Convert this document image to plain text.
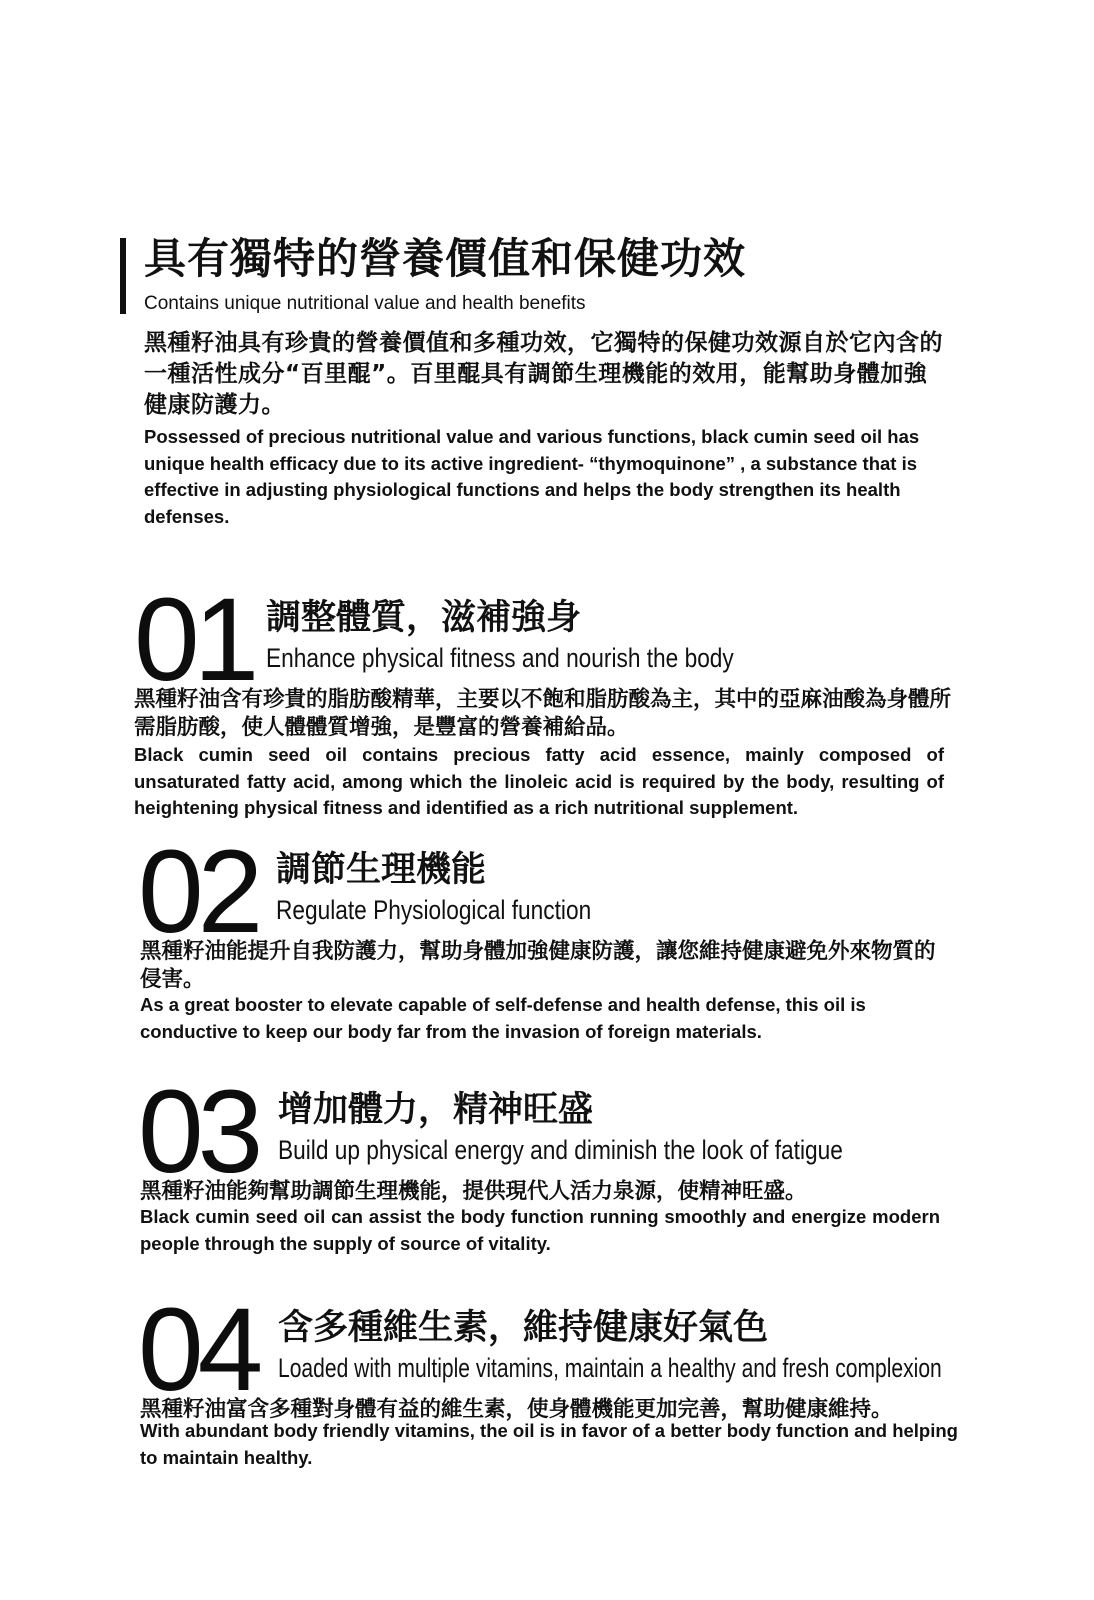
具有獨特的營養價值和保健功效

Contains unique nutritional value and health benefits

黑種籽油具有珍貴的營養價值和多種功效，它獨特的保健功效源自於它內含的一種活性成分“百里醌”。百里醌具有調節生理機能的效用，能幫助身體加強健康防護力。

Possessed of precious nutritional value and various functions, black cumin seed oil has unique health efficacy due to its active ingredient- “thymoquinone” , a substance that is effective in adjusting physiological functions and helps the body strengthen its health defenses.

01 調整體質，滋補強身
Enhance physical fitness and nourish the body

黑種籽油含有珍貴的脂肪酸精華，主要以不飽和脂肪酸為主，其中的亞麻油酸為身體所需脂肪酸，使人體體質增強，是豐富的營養補給品。

Black cumin seed oil contains precious fatty acid essence, mainly composed of unsaturated fatty acid, among which the linoleic acid is required by the body, resulting of heightening physical fitness and identified as a rich nutritional supplement.

02 調節生理機能
Regulate Physiological function

黑種籽油能提升自我防護力，幫助身體加強健康防護，讓您維持健康避免外來物質的侵害。

As a great booster to elevate capable of self-defense and health defense, this oil is conductive to keep our body far from the invasion of foreign materials.

03 增加體力，精神旺盛
Build up physical energy and diminish the look of fatigue

黑種籽油能夠幫助調節生理機能，提供現代人活力泉源，使精神旺盛。

Black cumin seed oil can assist the body function running smoothly and energize modern people through the supply of source of vitality.

04 含多種維生素，維持健康好氣色
Loaded with multiple vitamins, maintain a healthy and fresh complexion

黑種籽油富含多種對身體有益的維生素，使身體機能更加完善，幫助健康維持。

With abundant body friendly vitamins, the oil is in favor of a better body function and helping to maintain healthy.
